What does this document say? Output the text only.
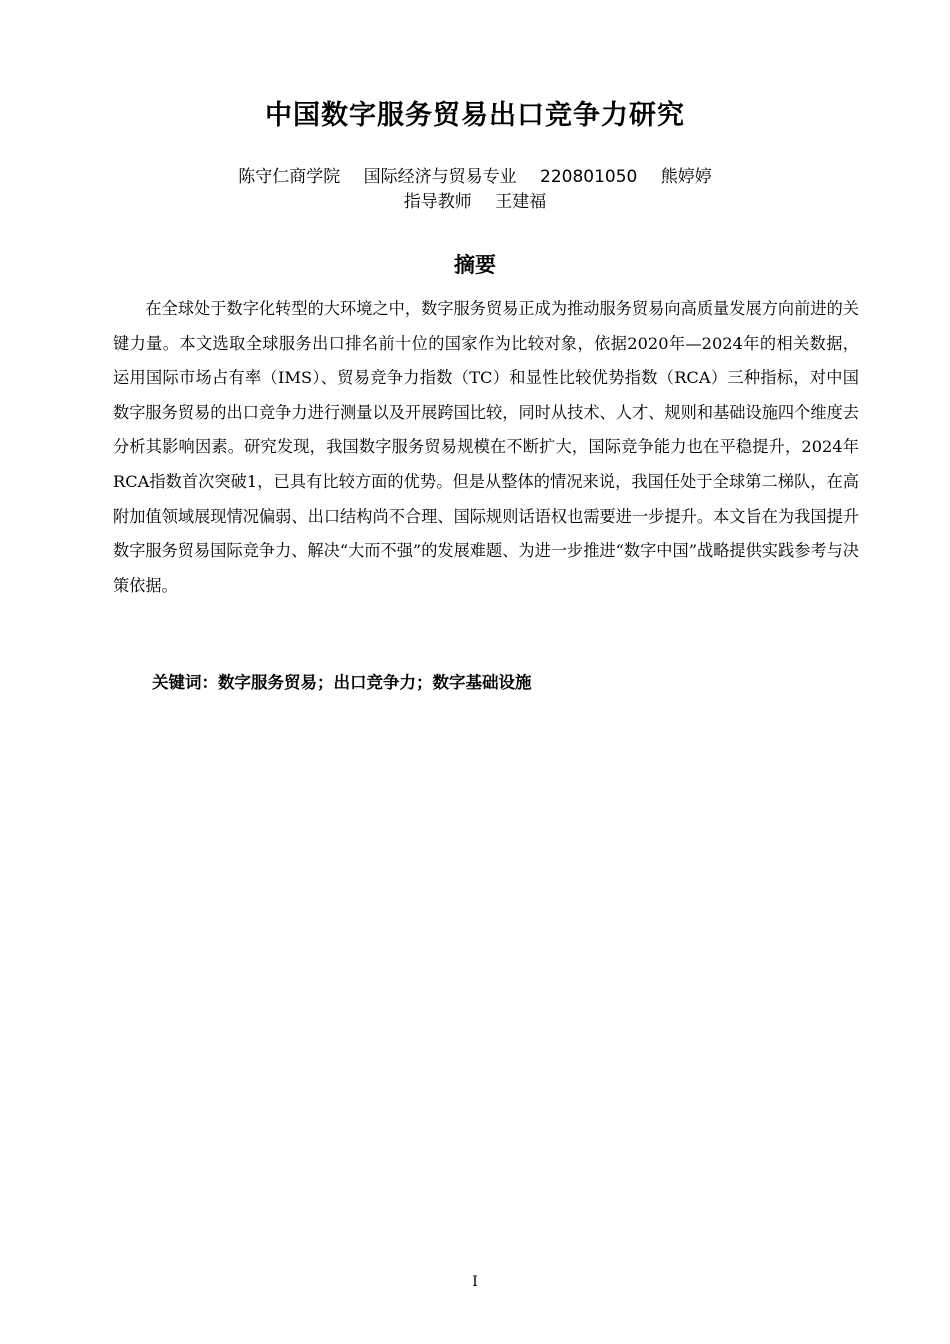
中国数字服务贸易出口竞争力研究
陈守仁商学院 国际经济与贸易专业 220801050 熊婷婷
指导教师 王建福
摘要
在全球处于数字化转型的大环境之中，数字服务贸易正成为推动服务贸易向高质量发展方向前进的关键力量。本文选取全球服务出口排名前十位的国家作为比较对象，依据2020年—2024年的相关数据，运用国际市场占有率（IMS）、贸易竞争力指数（TC）和显性比较优势指数（RCA）三种指标，对中国数字服务贸易的出口竞争力进行测量以及开展跨国比较，同时从技术、人才、规则和基础设施四个维度去分析其影响因素。研究发现，我国数字服务贸易规模在不断扩大，国际竞争能力也在平稳提升，2024年RCA指数首次突破1，已具有比较方面的优势。但是从整体的情况来说，我国任处于全球第二梯队，在高附加值领域展现情况偏弱、出口结构尚不合理、国际规则话语权也需要进一步提升。本文旨在为我国提升数字服务贸易国际竞争力、解决“大而不强”的发展难题、为进一步推进“数字中国”战略提供实践参考与决策依据。
关键词：数字服务贸易；出口竞争力；数字基础设施
I
